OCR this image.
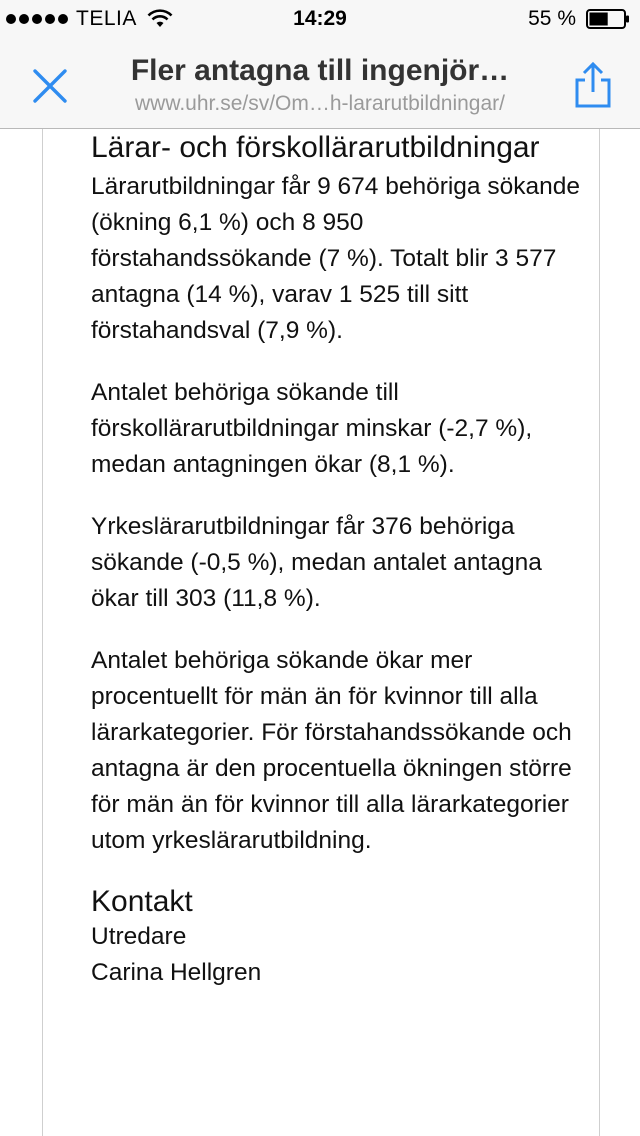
TELIA	14:29	55 %
Fler antagna till ingenjör…
www.uhr.se/sv/Om…h-lararutbildningar/
Lärar- och förskollärarutbildningar

Lärarutbildningar får 9 674 behöriga sökande (ökning 6,1 %) och 8 950 förstahandssökande (7 %). Totalt blir 3 577 antagna (14 %), varav 1 525 till sitt förstahandsval (7,9 %).

Antalet behöriga sökande till förskollärarutbildningar minskar (-2,7 %), medan antagningen ökar (8,1 %).

Yrkeslärarutbildningar får 376 behöriga sökande (-0,5 %), medan antalet antagna ökar till 303 (11,8 %).

Antalet behöriga sökande ökar mer procentuellt för män än för kvinnor till alla lärarkategorier. För förstahandssökande och antagna är den procentuella ökningen större för män än för kvinnor till alla lärarkategorier utom yrkeslärarutbildning.

Kontakt
Utredare
Carina Hellgren
